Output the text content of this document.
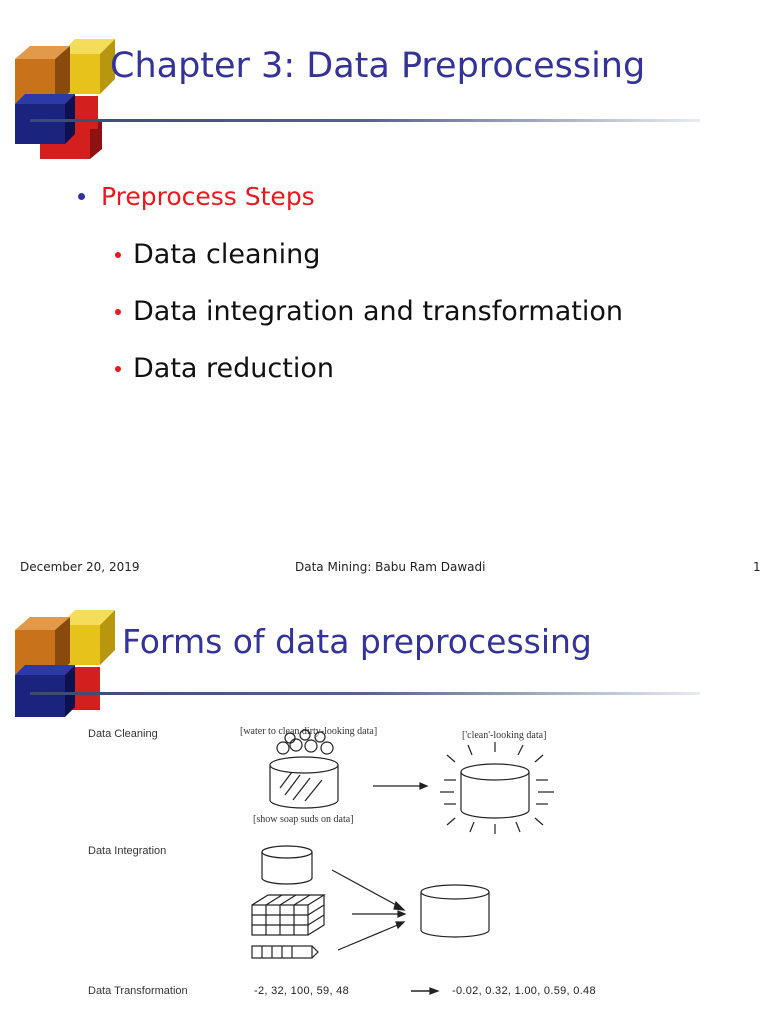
Chapter 3: Data Preprocessing
Preprocess Steps
Data cleaning
Data integration and transformation
Data reduction
December 20, 2019	Data Mining: Babu Ram Dawadi	1
Forms of data preprocessing
Data Cleaning	[water to clean dirty-looking data]	['clean'-looking data]
[show soap suds on data]
Data Integration
Data Transformation	-2, 32, 100, 59, 48	-0.02, 0.32, 1.00, 0.59, 0.48
